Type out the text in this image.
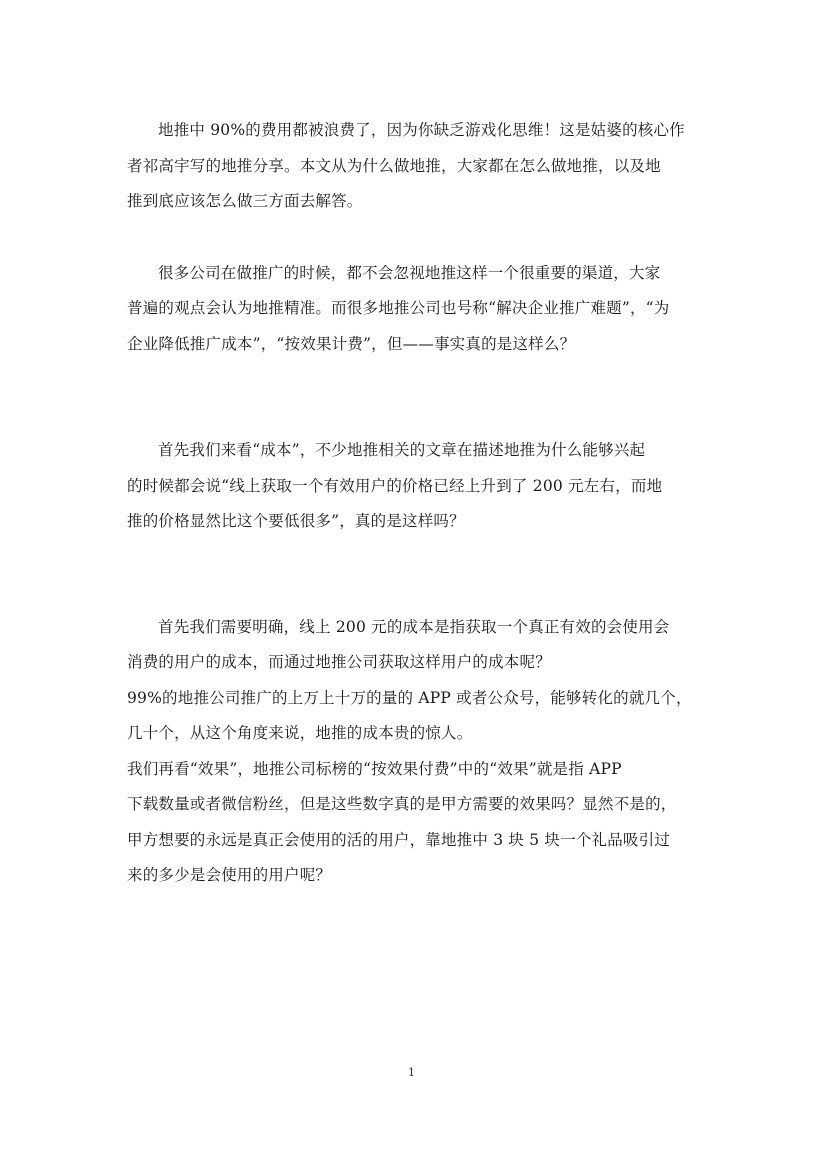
地推中 90%的费用都被浪费了，因为你缺乏游戏化思维！这是姑婆的核心作
者祁高宇写的地推分享。本文从为什么做地推，大家都在怎么做地推，以及地
推到底应该怎么做三方面去解答。

很多公司在做推广的时候，都不会忽视地推这样一个很重要的渠道，大家
普遍的观点会认为地推精准。而很多地推公司也号称“解决企业推广难题”，“为
企业降低推广成本”，“按效果计费”，但——事实真的是这样么？

首先我们来看“成本”，不少地推相关的文章在描述地推为什么能够兴起
的时候都会说“线上获取一个有效用户的价格已经上升到了 200 元左右，而地
推的价格显然比这个要低很多”，真的是这样吗？

首先我们需要明确，线上 200 元的成本是指获取一个真正有效的会使用会
消费的用户的成本，而通过地推公司获取这样用户的成本呢？
99%的地推公司推广的上万上十万的量的 APP 或者公众号，能够转化的就几个，
几十个，从这个角度来说，地推的成本贵的惊人。
我们再看“效果”，地推公司标榜的“按效果付费”中的“效果”就是指 APP
下载数量或者微信粉丝，但是这些数字真的是甲方需要的效果吗？显然不是的，
甲方想要的永远是真正会使用的活的用户，靠地推中 3 块 5 块一个礼品吸引过
来的多少是会使用的用户呢？

1
